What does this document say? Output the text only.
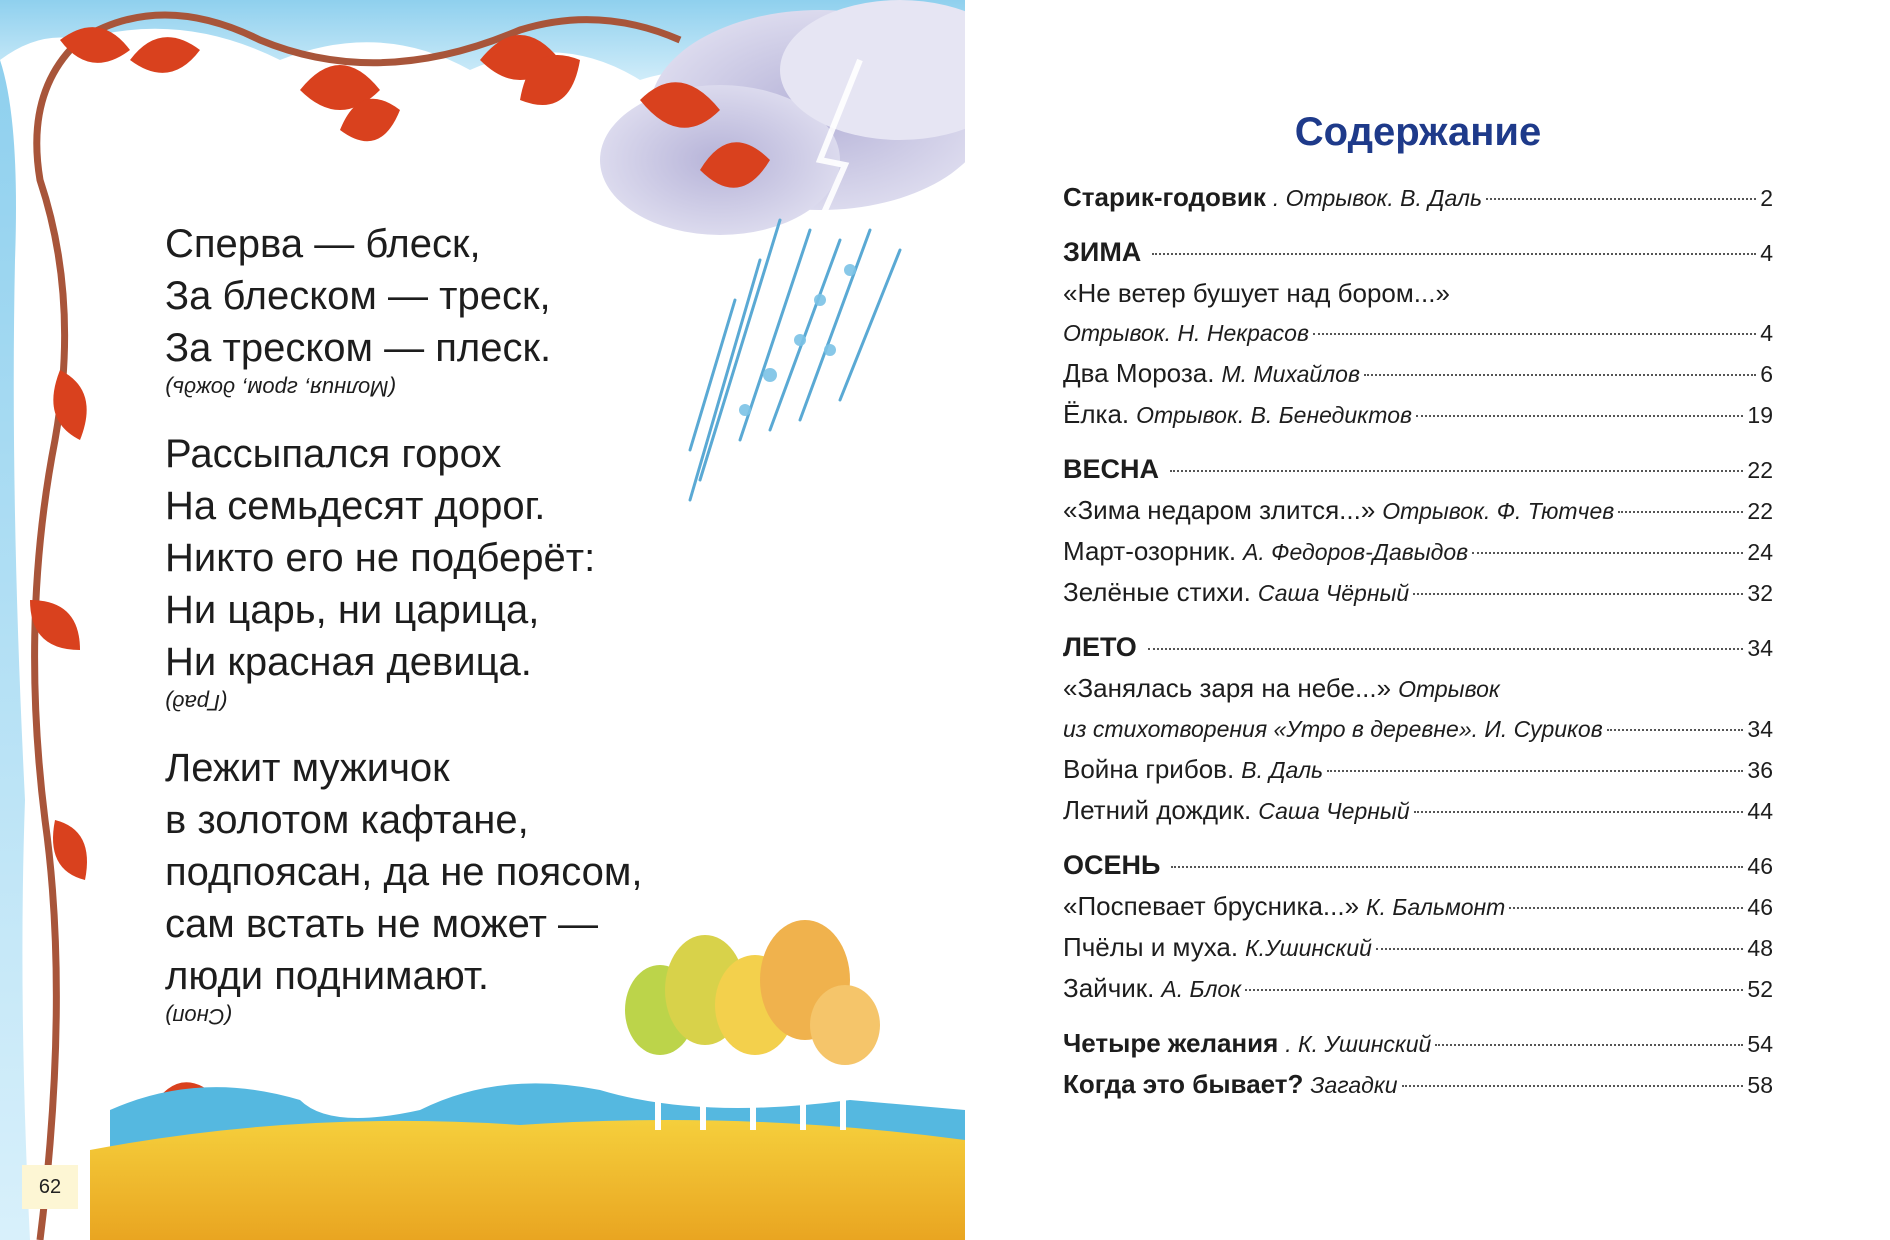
Сперва — блеск,
За блеском — треск,
За треском — плеск.
(Молния, гром, дождь)
Рассыпался горох
На семьдесят дорог.
Никто его не подберёт:
Ни царь, ни царица,
Ни красная девица.
(Град)
Лежит мужичок
в золотом кафтане,
подпоясан, да не поясом,
сам встать не может —
люди поднимают.
(Сноп)
62
Содержание
Старик-годовик . Отрывок. В. Даль	2
ЗИМА	4
«Не ветер бушует над бором...»
Отрывок. Н. Некрасов	4
Два Мороза. М. Михайлов	6
Ёлка. Отрывок. В. Бенедиктов	19
ВЕСНА	22
«Зима недаром злится...» Отрывок. Ф. Тютчев	22
Март-озорник. А. Федоров-Давыдов	24
Зелёные стихи. Саша Чёрный	32
ЛЕТО	34
«Занялась заря на небе...» Отрывок
из стихотворения «Утро в деревне». И. Суриков	34
Война грибов. В. Даль	36
Летний дождик. Саша Черный	44
ОСЕНЬ	46
«Поспевает брусника...» К. Бальмонт	46
Пчёлы и муха. К.Ушинский	48
Зайчик. А. Блок	52
Четыре желания . К. Ушинский	54
Когда это бывает? Загадки	58
